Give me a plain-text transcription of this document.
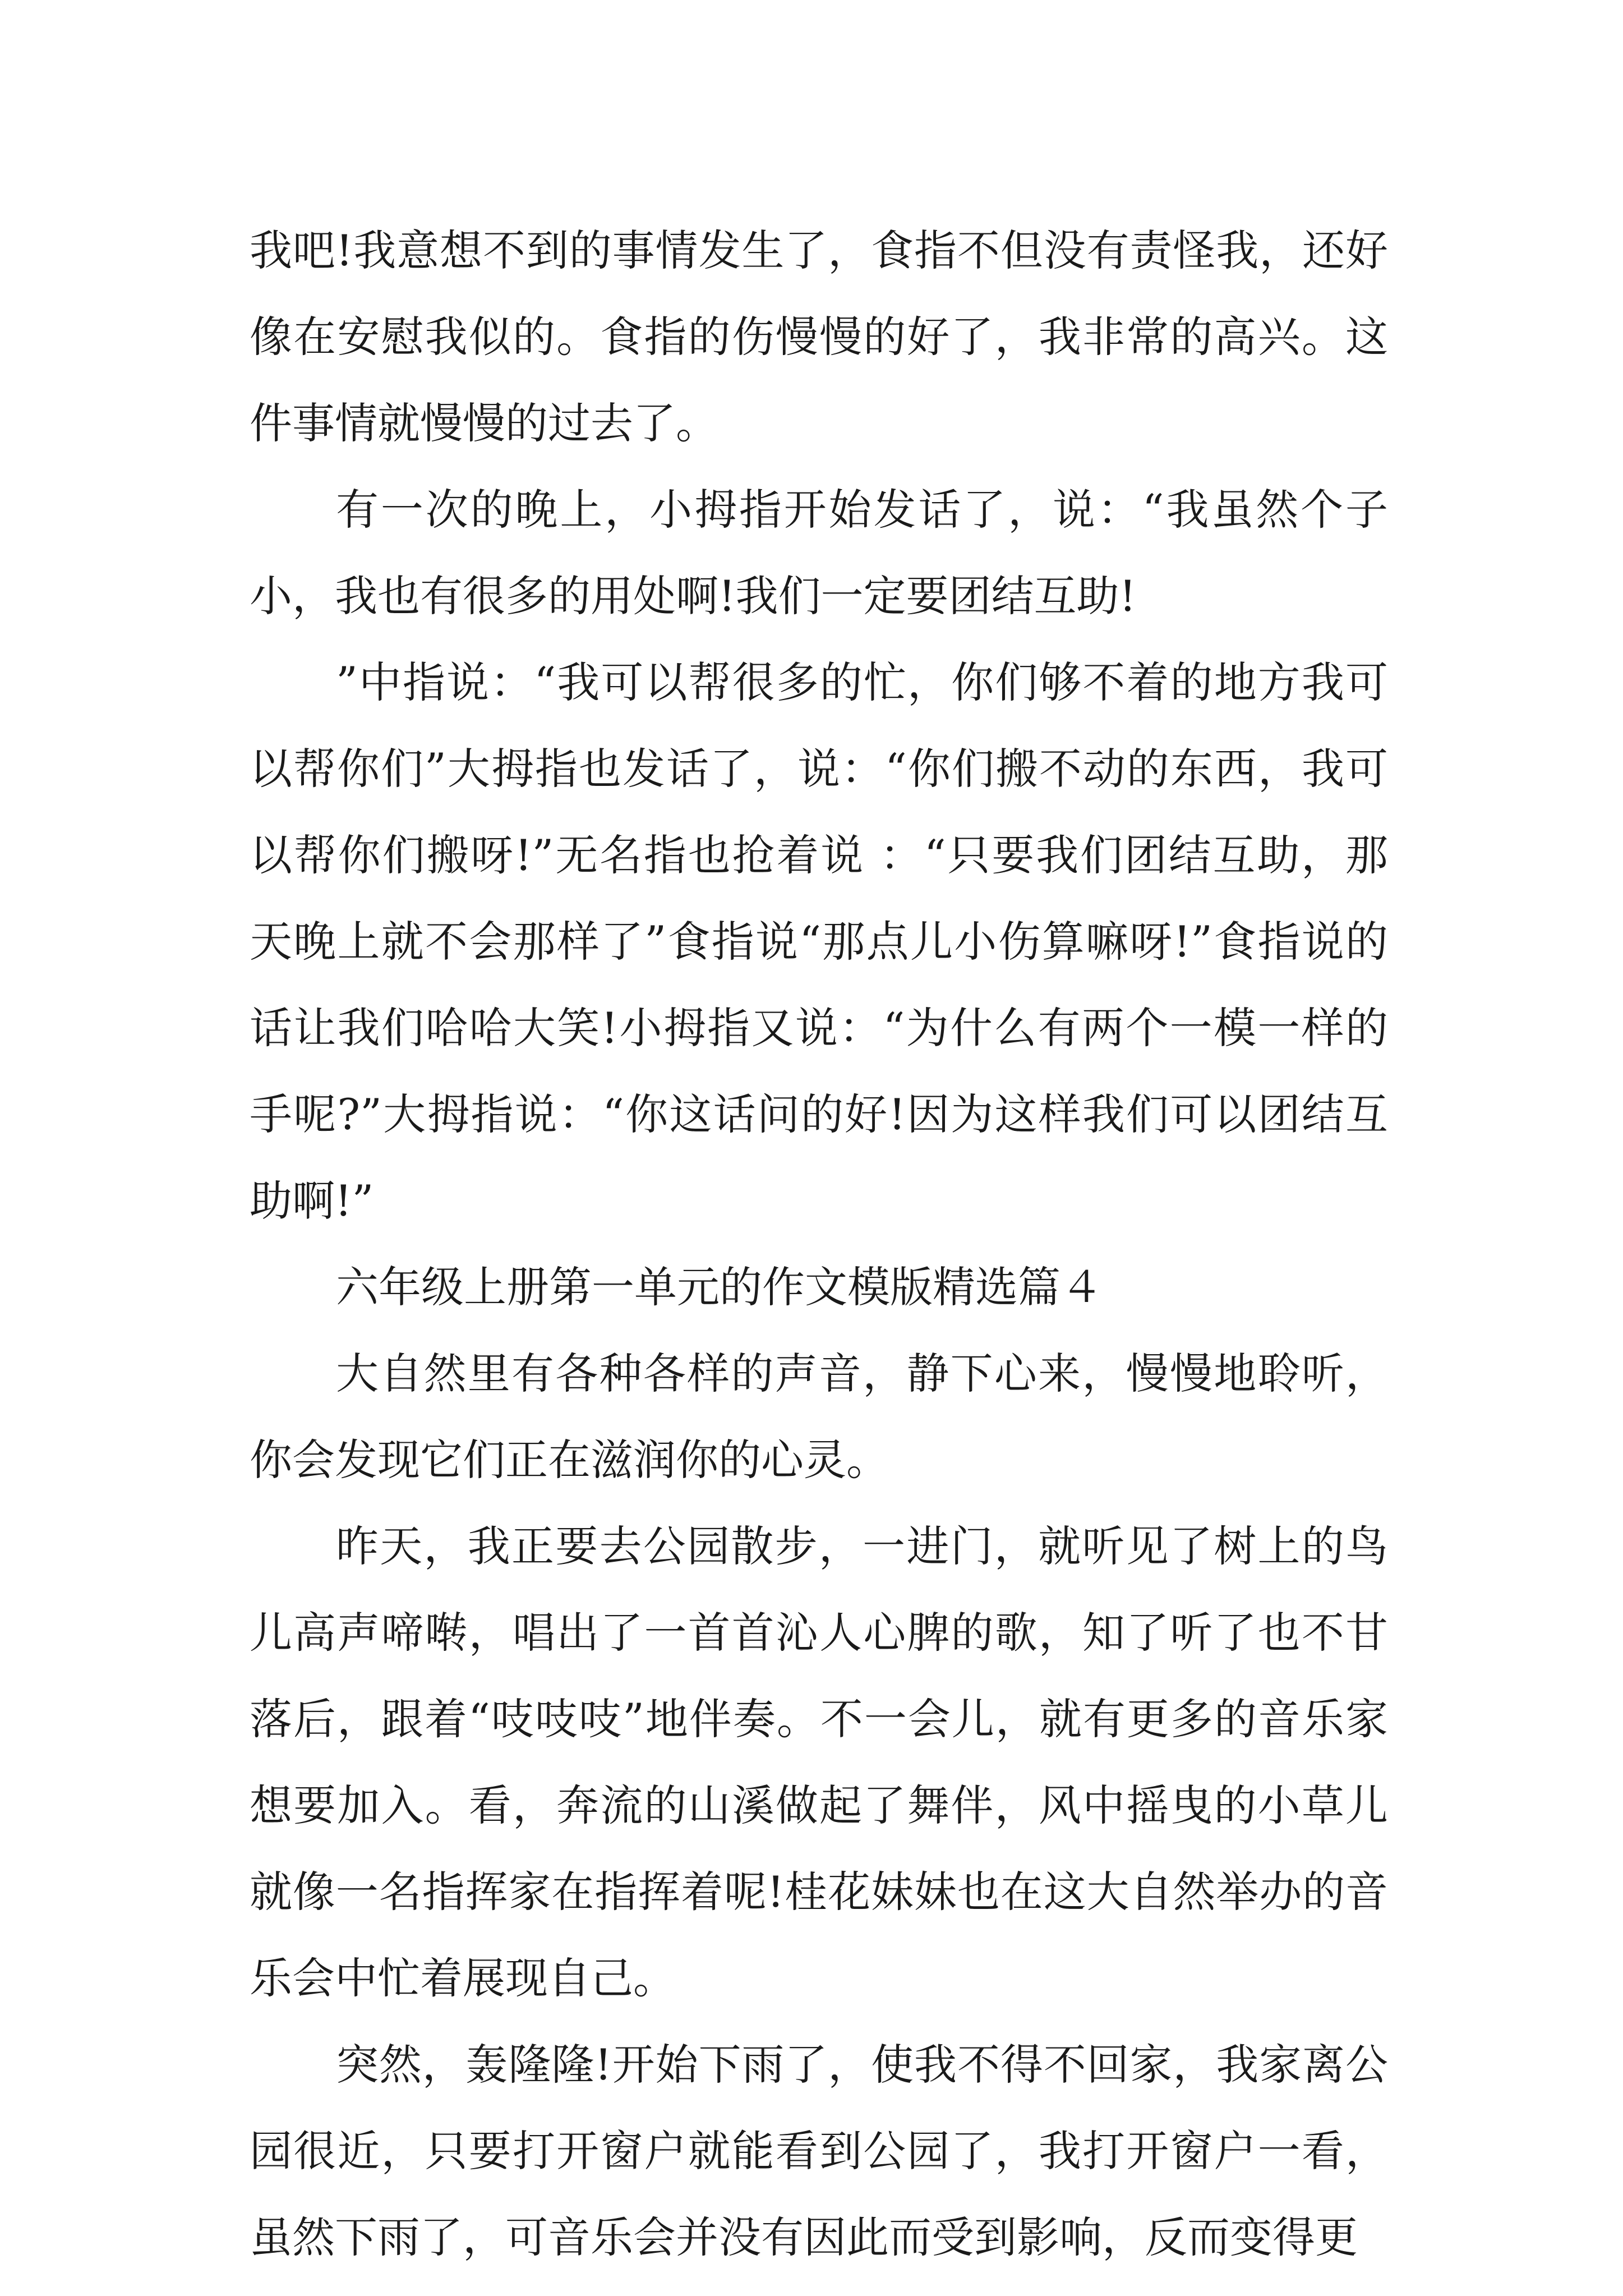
我吧!我意想不到的事情发生了，食指不但没有责怪我，还好像在安慰我似的。食指的伤慢慢的好了，我非常的高兴。这件事情就慢慢的过去了。

有一次的晚上，小拇指开始发话了，说：“我虽然个子小，我也有很多的用处啊!我们一定要团结互助!

”中指说：“我可以帮很多的忙，你们够不着的地方我可以帮你们”大拇指也发话了，说：“你们搬不动的东西，我可以帮你们搬呀!”无名指也抢着说 ：“只要我们团结互助，那天晚上就不会那样了”食指说“那点儿小伤算嘛呀!”食指说的话让我们哈哈大笑!小拇指又说：“为什么有两个一模一样的手呢?”大拇指说：“你这话问的好!因为这样我们可以团结互助啊!”

六年级上册第一单元的作文模版精选篇４

大自然里有各种各样的声音，静下心来，慢慢地聆听，你会发现它们正在滋润你的心灵。

昨天，我正要去公园散步，一进门，就听见了树上的鸟儿高声啼啭，唱出了一首首沁人心脾的歌，知了听了也不甘落后，跟着“吱吱吱”地伴奏。不一会儿，就有更多的音乐家想要加入。看，奔流的山溪做起了舞伴，风中摇曳的小草儿就像一名指挥家在指挥着呢!桂花妹妹也在这大自然举办的音乐会中忙着展现自己。

突然，轰隆隆!开始下雨了，使我不得不回家，我家离公园很近，只要打开窗户就能看到公园了，我打开窗户一看，虽然下雨了，可音乐会并没有因此而受到影响，反而变得更
